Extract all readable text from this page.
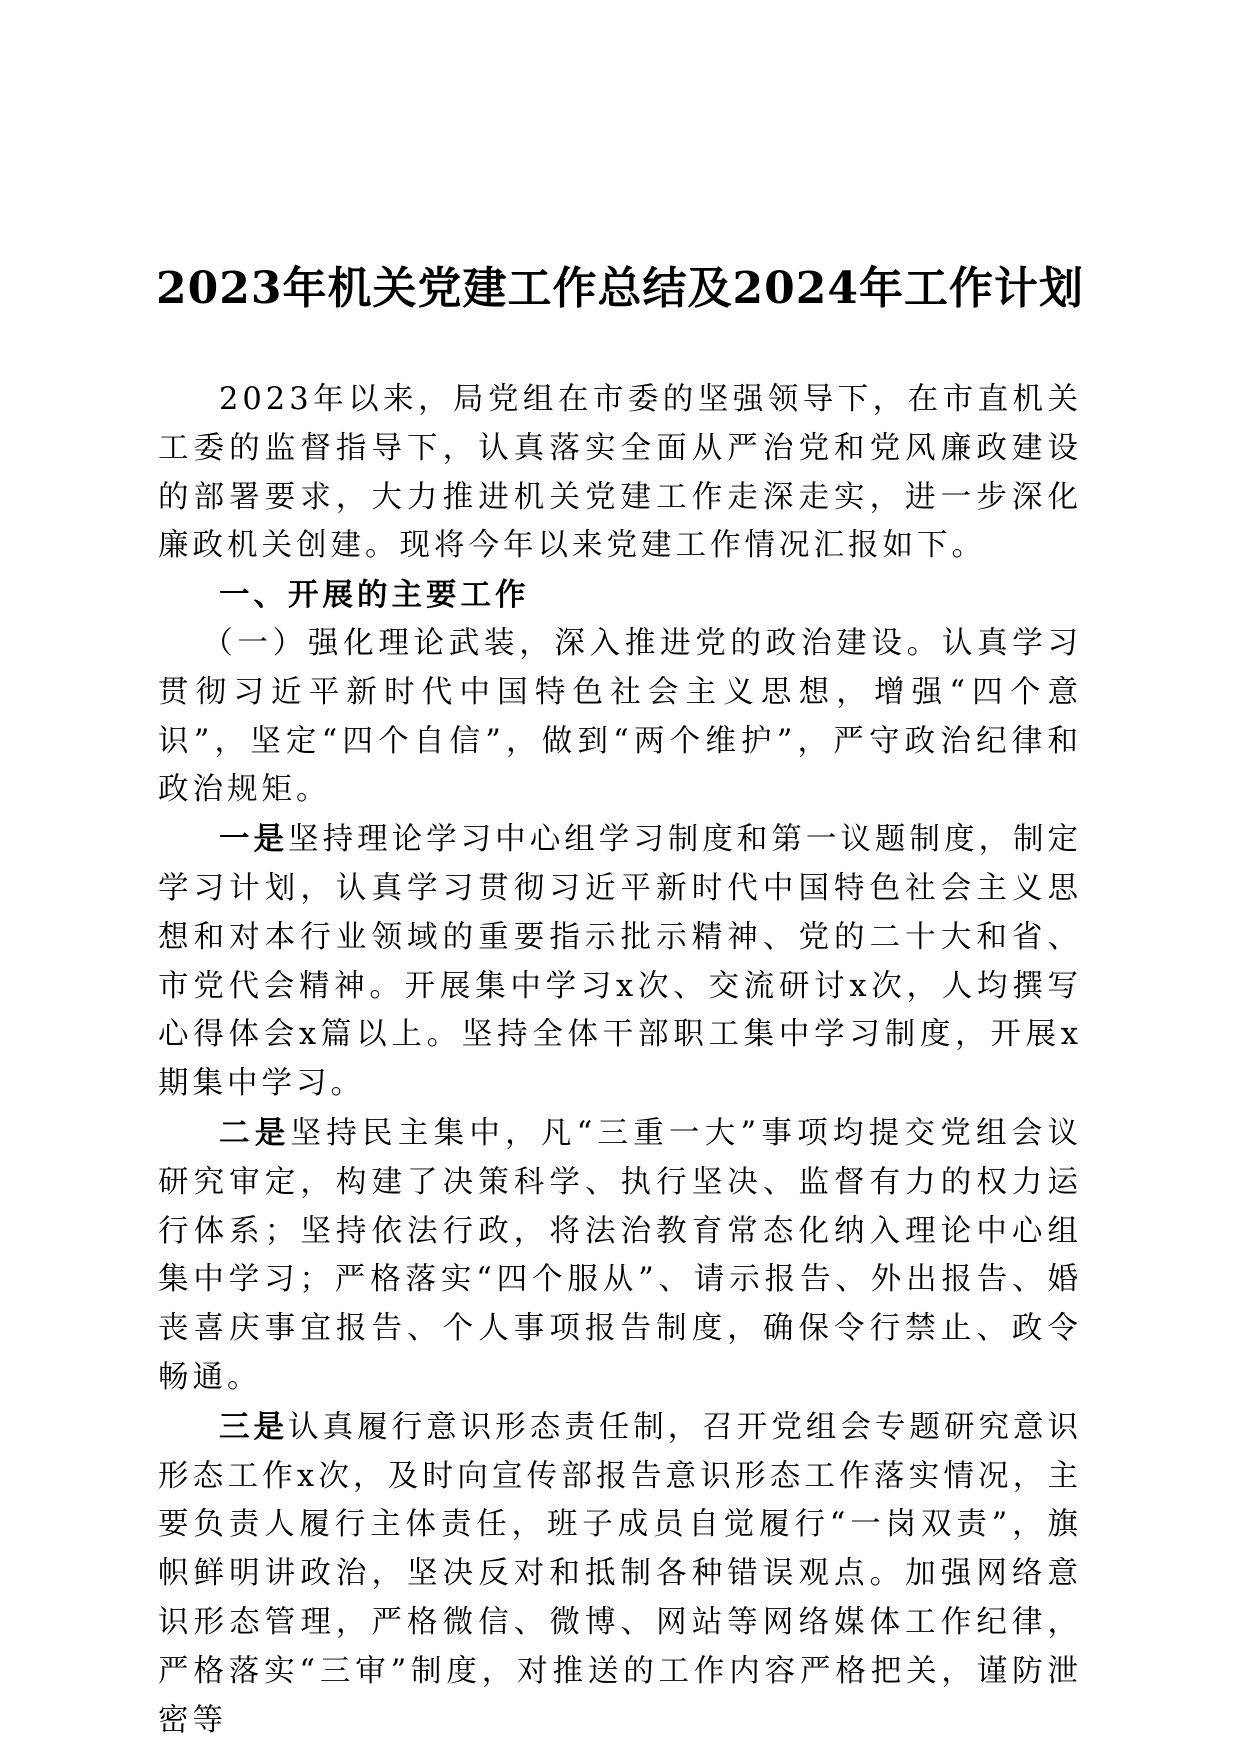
2023年机关党建工作总结及2024年工作计划

2023年以来，局党组在市委的坚强领导下，在市直机关工委的监督指导下，认真落实全面从严治党和党风廉政建设的部署要求，大力推进机关党建工作走深走实，进一步深化廉政机关创建。现将今年以来党建工作情况汇报如下。

一、开展的主要工作

（一）强化理论武装，深入推进党的政治建设。认真学习贯彻习近平新时代中国特色社会主义思想，增强“四个意识”，坚定“四个自信”，做到“两个维护”，严守政治纪律和政治规矩。

一是坚持理论学习中心组学习制度和第一议题制度，制定学习计划，认真学习贯彻习近平新时代中国特色社会主义思想和对本行业领域的重要指示批示精神、党的二十大和省、市党代会精神。开展集中学习x次、交流研讨x次，人均撰写心得体会x篇以上。坚持全体干部职工集中学习制度，开展x期集中学习。

二是坚持民主集中，凡“三重一大”事项均提交党组会议研究审定，构建了决策科学、执行坚决、监督有力的权力运行体系；坚持依法行政，将法治教育常态化纳入理论中心组集中学习；严格落实“四个服从”、请示报告、外出报告、婚丧喜庆事宜报告、个人事项报告制度，确保令行禁止、政令畅通。

三是认真履行意识形态责任制，召开党组会专题研究意识形态工作x次，及时向宣传部报告意识形态工作落实情况，主要负责人履行主体责任，班子成员自觉履行“一岗双责”，旗帜鲜明讲政治，坚决反对和抵制各种错误观点。加强网络意识形态管理，严格微信、微博、网站等网络媒体工作纪律，严格落实“三审”制度，对推送的工作内容严格把关，谨防泄密等
